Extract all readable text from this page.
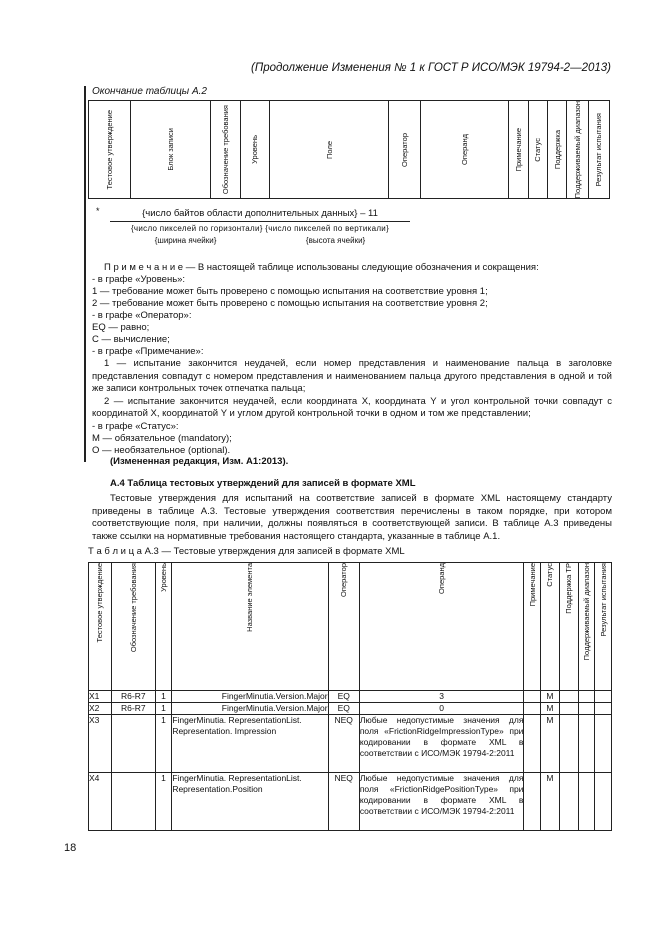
(Продолжение Изменения № 1 к ГОСТ Р ИСО/МЭК 19794-2—2013)
Окончание таблицы А.2
Тестовое утверждение	Блок записи	Обозначение требования	Уровень	Поле	Оператор	Операнд	Примечание	Статус	Поддержка	Поддерживаемый диапазон	Результат испытания
*	{число байтов области дополнительных данных} – 11
{число пикселей по горизонтали} {число пикселей по вертикали}
{ширина ячейки}	{высота ячейки}
П р и м е ч а н и е — В настоящей таблице использованы следующие обозначения и сокращения:
- в графе «Уровень»:
1 — требование может быть проверено с помощью испытания на соответствие уровня 1;
2 — требование может быть проверено с помощью испытания на соответствие уровня 2;
- в графе «Оператор»:
EQ — равно;
С — вычисление;
- в графе «Примечание»:
1 — испытание закончится неудачей, если номер представления и наименование пальца в заголовке представления совпадут с номером представления и наименованием пальца другого представления в одной и той же записи контрольных точек отпечатка пальца;
2 — испытание закончится неудачей, если координата X, координата Y и угол контрольной точки совпадут с координатой X, координатой Y и углом другой контрольной точки в одном и том же представлении;
- в графе «Статус»:
М — обязательное (mandatory);
О — необязательное (optional).
(Измененная редакция, Изм. А1:2013).
А.4 Таблица тестовых утверждений для записей в формате XML
Тестовые утверждения для испытаний на соответствие записей в формате XML настоящему стандарту приведены в таблице А.3. Тестовые утверждения соответствия перечислены в таком порядке, при котором соответствующие поля, при наличии, должны появляться в соответствующей записи. В таблице А.3 приведены также ссылки на нормативные требования настоящего стандарта, указанные в таблице А.1.
Т а б л и ц а А.3 — Тестовые утверждения для записей в формате XML
Тестовое утверждение	Обозначение требования	Уровень	Название элемента	Оператор	Операнд	Примечание	Статус	Поддержка ТР	Поддерживаемый диапазон	Результат испытания

X1	R6-R7	1	FingerMinutia.Version.Major	EQ	3		M			
X2	R6-R7	1	FingerMinutia.Version.Major	EQ	0		M			
X3		1	FingerMinutia. RepresentationList. Representation. Impression	NEQ	Любые недопустимые значения для поля «FrictionRidgeImpressionType» при кодировании в формате XML в соответствии с ИСО/МЭК 19794-2:2011		M			
X4		1	FingerMinutia. RepresentationList. Representation.Position	NEQ	Любые недопустимые значения для поля «FrictionRidgePositionType» при кодировании в формате XML в соответствии с ИСО/МЭК 19794-2:2011		M			
18
